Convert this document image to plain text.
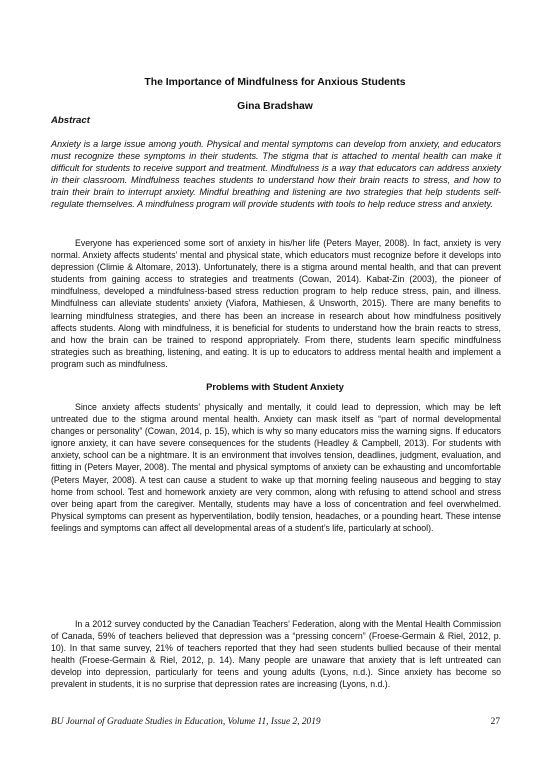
The Importance of Mindfulness for Anxious Students
Gina Bradshaw
Abstract

Anxiety is a large issue among youth. Physical and mental symptoms can develop from anxiety, and educators must recognize these symptoms in their students. The stigma that is attached to mental health can make it difficult for students to receive support and treatment. Mindfulness is a way that educators can address anxiety in their classroom. Mindfulness teaches students to understand how their brain reacts to stress, and how to train their brain to interrupt anxiety. Mindful breathing and listening are two strategies that help students self-regulate themselves. A mindfulness program will provide students with tools to help reduce stress and anxiety.

Everyone has experienced some sort of anxiety in his/her life (Peters Mayer, 2008). In fact, anxiety is very normal. Anxiety affects students’ mental and physical state, which educators must recognize before it develops into depression (Climie & Altomare, 2013). Unfortunately, there is a stigma around mental health, and that can prevent students from gaining access to strategies and treatments (Cowan, 2014). Kabat-Zin (2003), the pioneer of mindfulness, developed a mindfulness-based stress reduction program to help reduce stress, pain, and illness. Mindfulness can alleviate students’ anxiety (Viafora, Mathiesen, & Unsworth, 2015). There are many benefits to learning mindfulness strategies, and there has been an increase in research about how mindfulness positively affects students. Along with mindfulness, it is beneficial for students to understand how the brain reacts to stress, and how the brain can be trained to respond appropriately. From there, students learn specific mindfulness strategies such as breathing, listening, and eating. It is up to educators to address mental health and implement a program such as mindfulness.

Problems with Student Anxiety

Since anxiety affects students’ physically and mentally, it could lead to depression, which may be left untreated due to the stigma around mental health. Anxiety can mask itself as “part of normal developmental changes or personality” (Cowan, 2014, p. 15), which is why so many educators miss the warning signs. If educators ignore anxiety, it can have severe consequences for the students (Headley & Campbell, 2013). For students with anxiety, school can be a nightmare. It is an environment that involves tension, deadlines, judgment, evaluation, and fitting in (Peters Mayer, 2008). The mental and physical symptoms of anxiety can be exhausting and uncomfortable (Peters Mayer, 2008). A test can cause a student to wake up that morning feeling nauseous and begging to stay home from school. Test and homework anxiety are very common, along with refusing to attend school and stress over being apart from the caregiver. Mentally, students may have a loss of concentration and feel overwhelmed. Physical symptoms can present as hyperventilation, bodily tension, headaches, or a pounding heart. These intense feelings and symptoms can affect all developmental areas of a student’s life, particularly at school).

In a 2012 survey conducted by the Canadian Teachers’ Federation, along with the Mental Health Commission of Canada, 59% of teachers believed that depression was a “pressing concern” (Froese-Germain & Riel, 2012, p. 10). In that same survey, 21% of teachers reported that they had seen students bullied because of their mental health (Froese-Germain & Riel, 2012, p. 14). Many people are unaware that anxiety that is left untreated can develop into depression, particularly for teens and young adults (Lyons, n.d.). Since anxiety has become so prevalent in students, it is no surprise that depression rates are increasing (Lyons, n.d.).

BU Journal of Graduate Studies in Education, Volume 11, Issue 2, 2019	27
